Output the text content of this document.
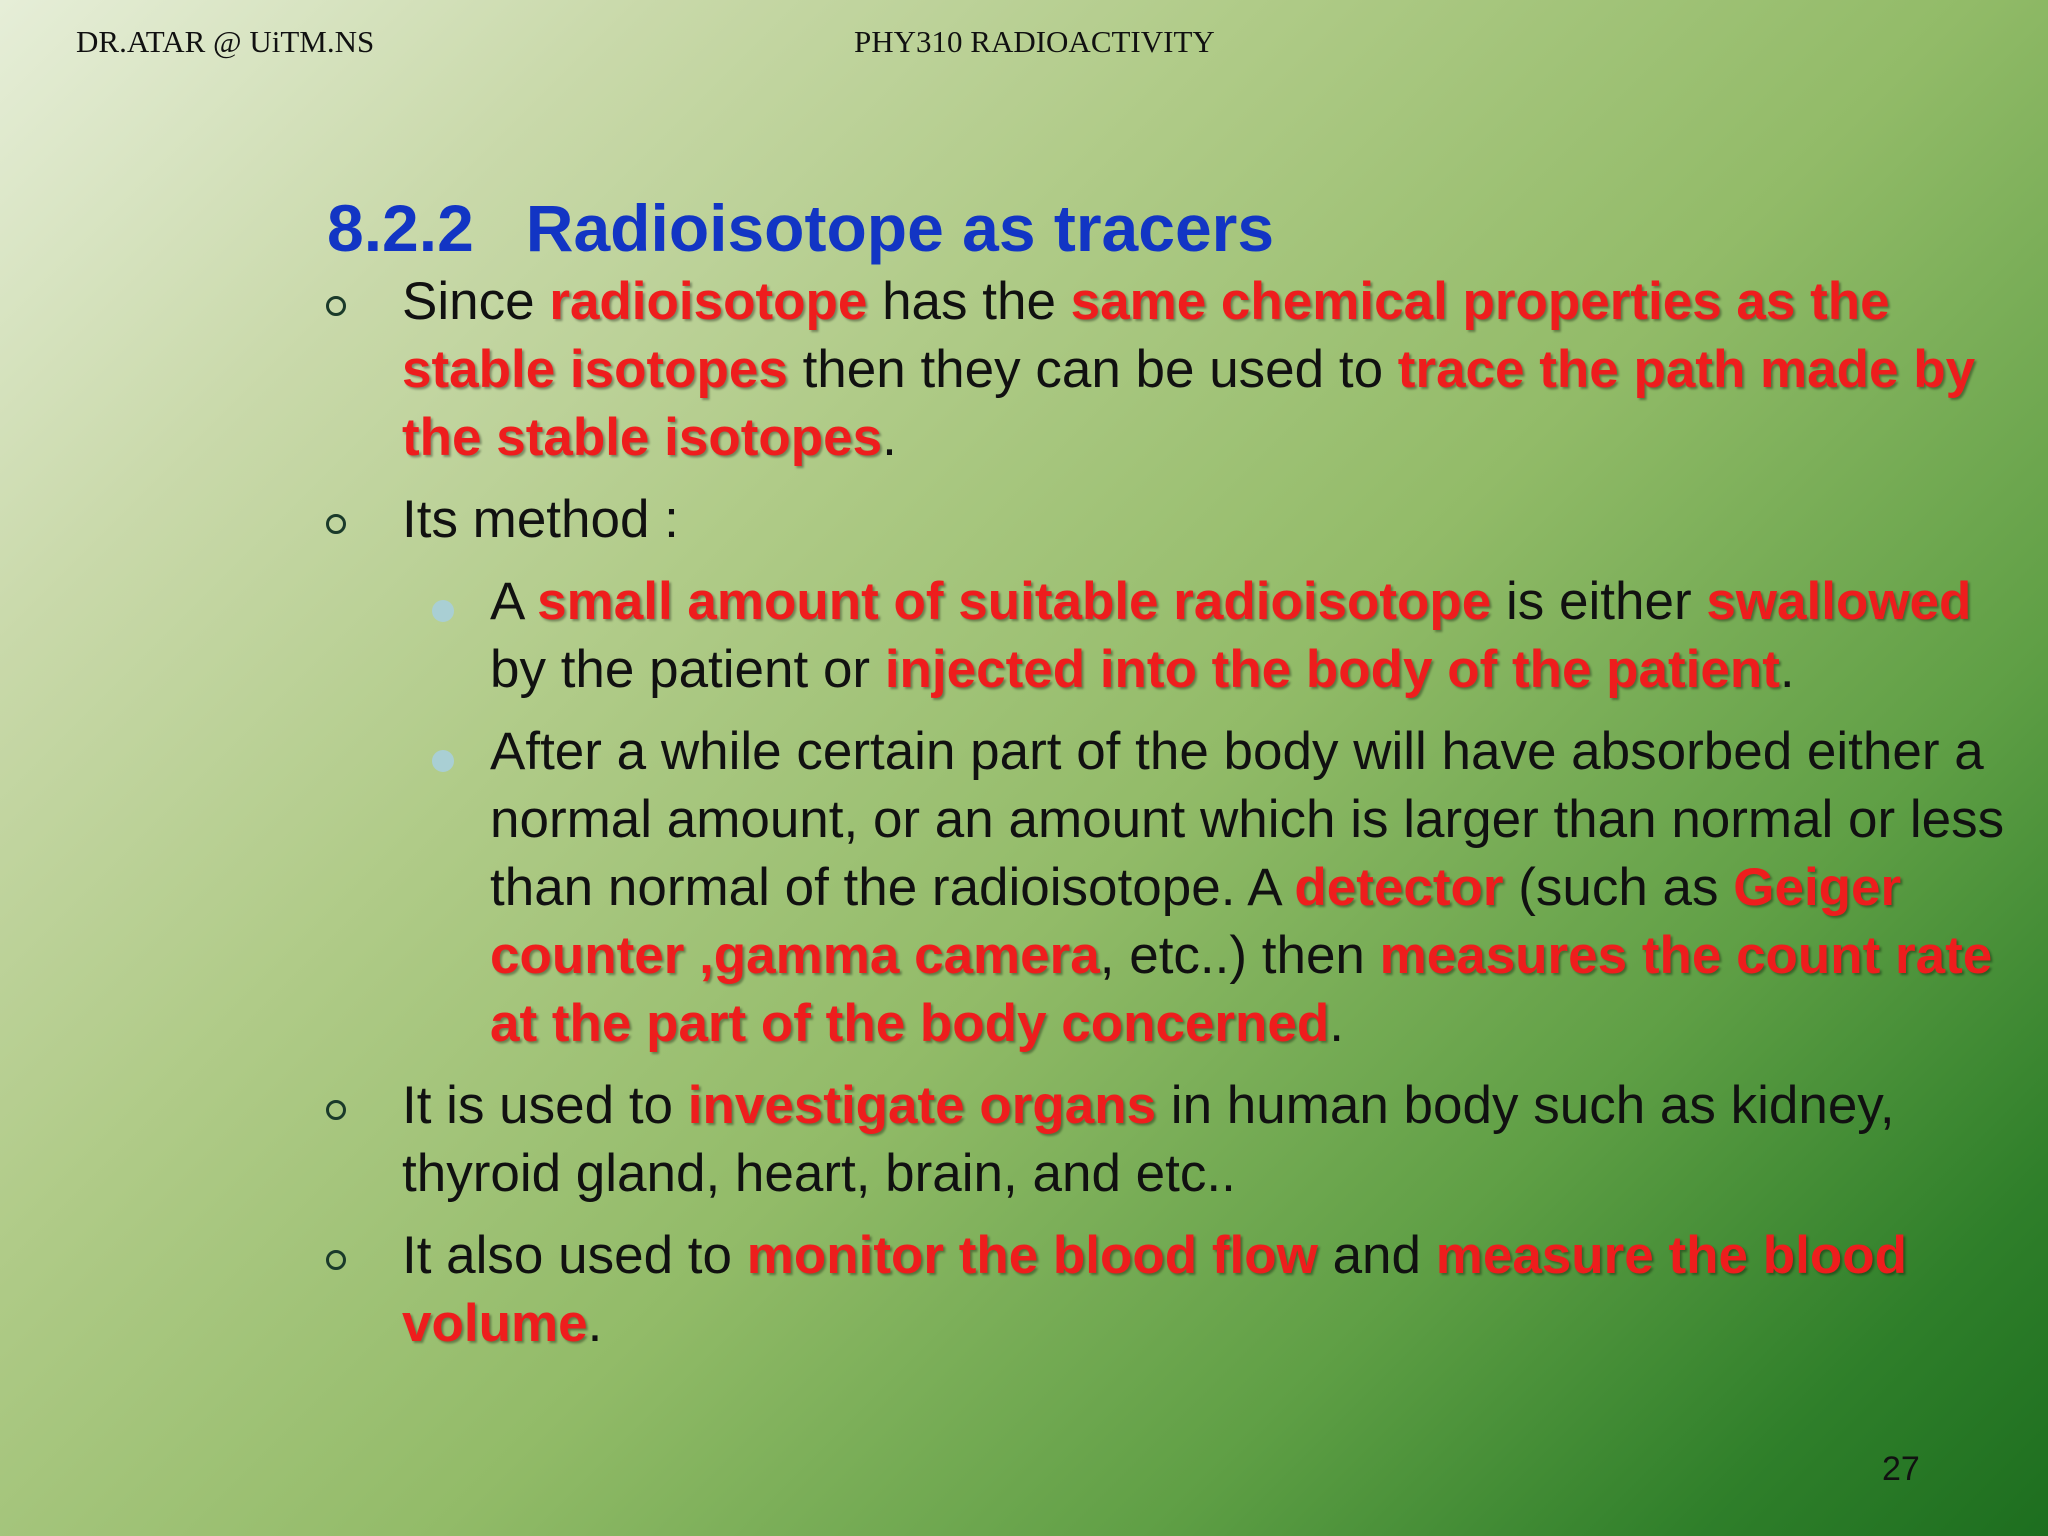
DR.ATAR @ UiTM.NS	PHY310 RADIOACTIVITY
8.2.2 Radioisotope as tracers
Since radioisotope has the same chemical properties as the stable isotopes then they can be used to trace the path made by the stable isotopes.
Its method :
A small amount of suitable radioisotope is either swallowed by the patient or injected into the body of the patient.
After a while certain part of the body will have absorbed either a normal amount, or an amount which is larger than normal or less than normal of the radioisotope. A detector (such as Geiger counter ,gamma camera, etc..) then measures the count rate at the part of the body concerned.
It is used to investigate organs in human body such as kidney, thyroid gland, heart, brain, and etc..
It also used to monitor the blood flow and measure the blood volume.
27
